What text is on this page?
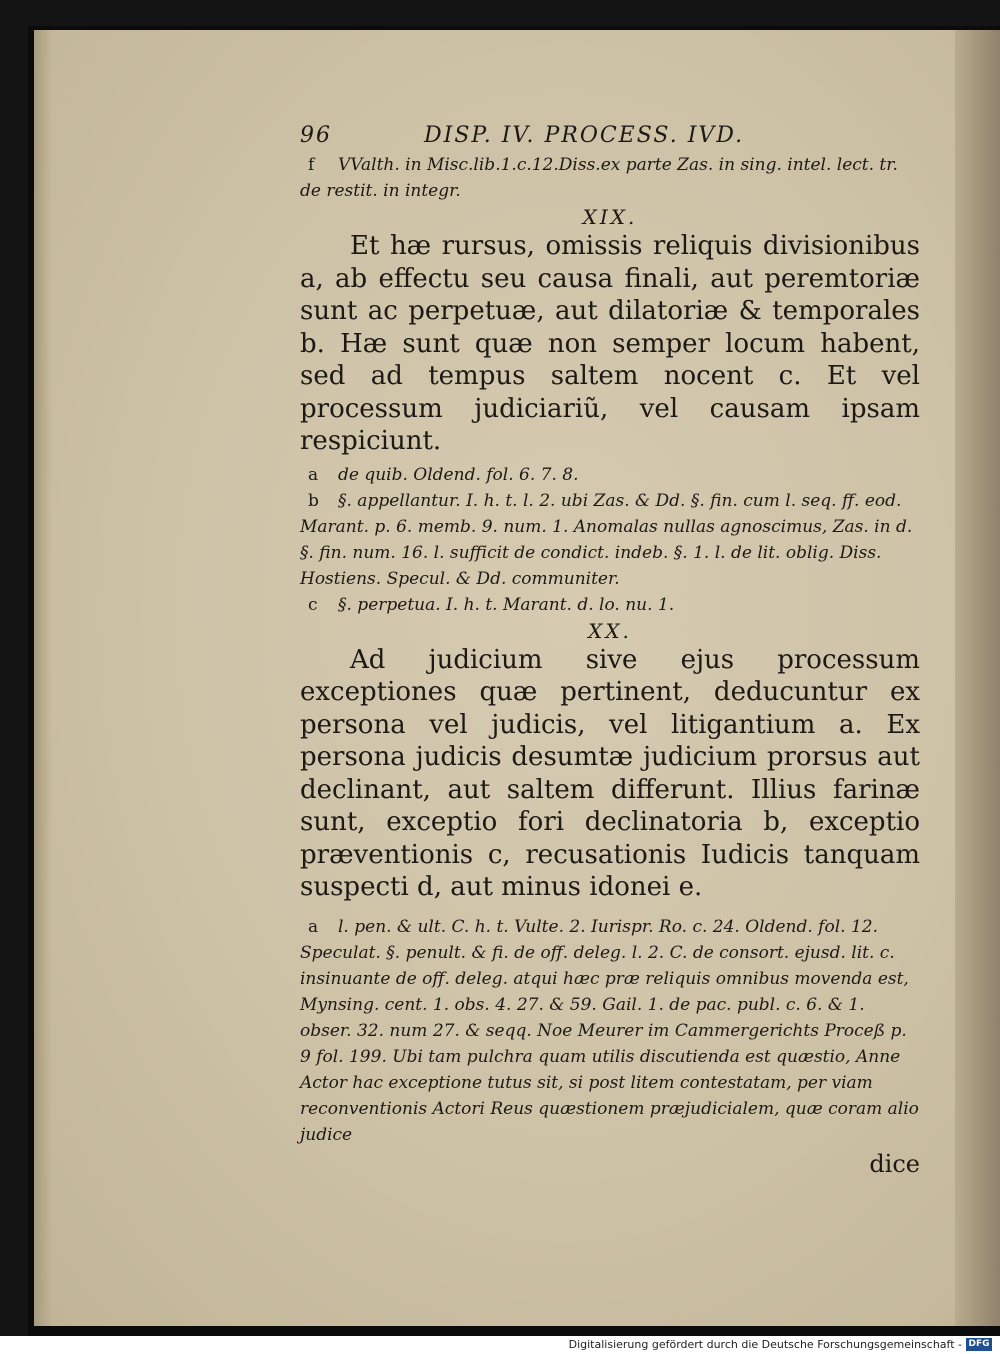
96	DISP. IV. PROCESS. IVD.
f VValth. in Misc.lib.1.c.12.Diss.ex parte Zas. in sing. intel. lect. tr. de restit. in integr.
XIX.
Et hæ rursus, omissis reliquis divisionibus a, ab effectu seu causa finali, aut peremtoriæ sunt ac perpetuæ, aut dilatoriæ & temporales b. Hæ sunt quæ non semper locum habent, sed ad tempus saltem nocent c. Et vel processum judiciariũ, vel causam ipsam respiciunt.
a de quib. Oldend. fol. 6. 7. 8.
b §. appellantur. I. h. t. l. 2. ubi Zas. & Dd. §. fin. cum l. seq. ff. eod. Marant. p. 6. memb. 9. num. 1. Anomalas nullas agnoscimus, Zas. in d. §. fin. num. 16. l. sufficit de condict. indeb. §. 1. l. de lit. oblig. Diss. Hostiens. Specul. & Dd. communiter.
c §. perpetua. I. h. t. Marant. d. lo. nu. 1.
XX.
Ad judicium sive ejus processum exceptiones quæ pertinent, deducuntur ex persona vel judicis, vel litigantium a. Ex persona judicis desumtæ judicium prorsus aut declinant, aut saltem differunt. Illius farinæ sunt, exceptio fori declinatoria b, exceptio præventionis c, recusationis Iudicis tanquam suspecti d, aut minus idonei e.
a l. pen. & ult. C. h. t. Vulte. 2. Iurispr. Ro. c. 24. Oldend. fol. 12. Speculat. §. penult. & fi. de off. deleg. l. 2. C. de consort. ejusd. lit. c. insinuante de off. deleg. atqui hæc præ reliquis omnibus movenda est, Mynsing. cent. 1. obs. 4. 27. & 59. Gail. 1. de pac. publ. c. 6. & 1. obser. 32. num 27. & seqq. Noe Meurer im Cammergerichts Proceß p. 9 fol. 199. Ubi tam pulchra quam utilis discutienda est quæstio, Anne Actor hac exceptione tutus sit, si post litem contestatam, per viam reconventionis Actori Reus quæstionem præjudicialem, quæ coram alio judice
dice
Digitalisierung gefördert durch die Deutsche Forschungsgemeinschaft - DFG
